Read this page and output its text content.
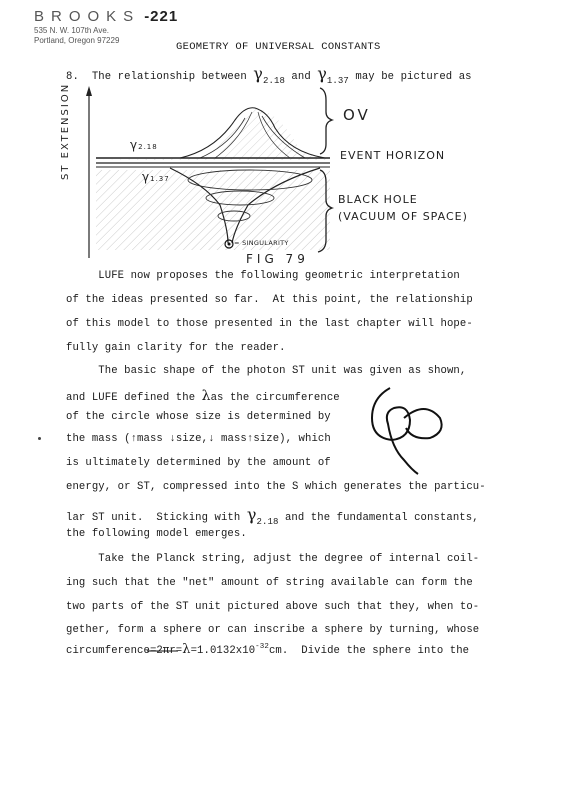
BROOKS -221
535 N. W. 107th Ave.
Portland, Oregon 97229
GEOMETRY OF UNIVERSAL CONSTANTS
8.  The relationship between $\gamma_{2.18}$ and $\gamma_{1.37}$ may be pictured as
ST EXTENSION	OV
EVENT HORIZON
BLACK HOLE
(VACUUM OF SPACE)
γ2.18
γ1.37
= SINGULARITY
FIG 79
LUFE now proposes the following geometric interpretation
of the ideas presented so far.  At this point, the relationship
of this model to those presented in the last chapter will hope-
fully gain clarity for the reader.
The basic shape of the photon ST unit was given as shown,
and LUFE defined the λas the circumference
of the circle whose size is determined by
the mass (↑mass ↓size,↓ mass↑size), which
is ultimately determined by the amount of
energy, or ST, compressed into the S which generates the particu-
lar ST unit.  Sticking with $\gamma_{2.18}$ and the fundamental constants,
the following model emerges.
Take the Planck string, adjust the degree of internal coil-
ing such that the "net" amount of string available can form the
two parts of the ST unit pictured above such that they, when to-
gether, form a sphere or can inscribe a sphere by turning, whose
$circumference=2\pi r=\lambda=1.0132x10^{-32}cm$.  Divide the sphere into the
